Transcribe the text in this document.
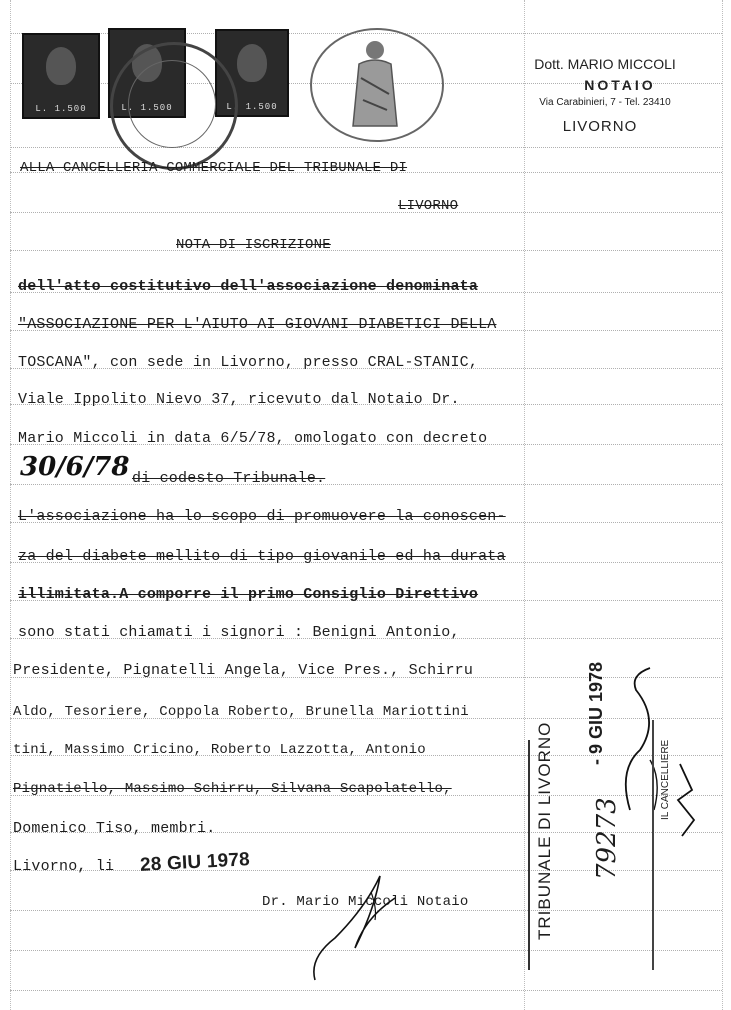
L. 1.500	L. 1.500	L. 1.500
Dott. MARIO MICCOLI
NOTAIO
Via Carabinieri, 7 - Tel. 23410
LIVORNO
ALLA CANCELLERIA COMMERCIALE DEL TRIBUNALE DI
LIVORNO
NOTA DI ISCRIZIONE
dell'atto costitutivo dell'associazione denominata
"ASSOCIAZIONE PER L'AIUTO AI GIOVANI DIABETICI DELLA
TOSCANA", con sede in Livorno, presso CRAL-STANIC,
Viale Ippolito Nievo 37, ricevuto dal Notaio Dr.
Mario Miccoli in data 6/5/78, omologato con decreto
30/6/78 di codesto Tribunale.
L'associazione ha lo scopo di promuovere la conoscen-
za del diabete mellito di tipo giovanile ed ha durata
illimitata.A comporre il primo Consiglio Direttivo
sono stati chiamati i signori : Benigni Antonio,
Presidente, Pignatelli Angela, Vice Pres., Schirru
Aldo, Tesoriere, Coppola Roberto, Brunella Mariottini
tini, Massimo Cricino, Roberto Lazzotta, Antonio
Pignatiello, Massimo Schirru, Silvana Scapolatello,
Domenico Tiso, membri.
Livorno, li 28 GIU 1978
Dr. Mario Miccoli Notaio	TRIBUNALE DI LIVORNO 79273
- 9 GIU 1978
IL CANCELLIERE
